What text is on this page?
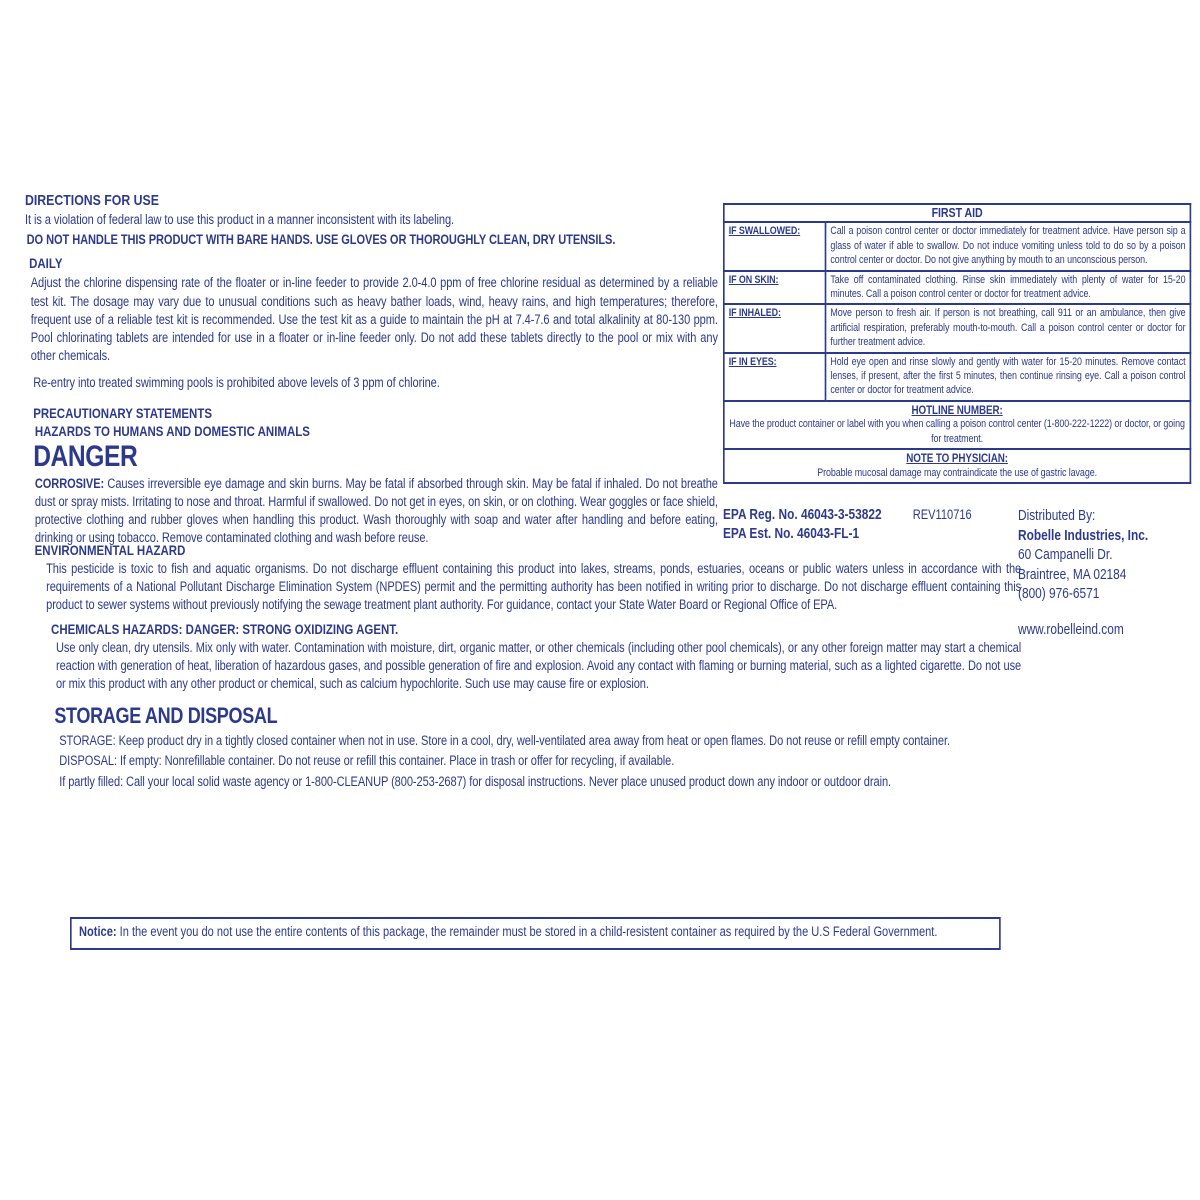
DIRECTIONS FOR USE

It is a violation of federal law to use this product in a manner inconsistent with its labeling.

DO NOT HANDLE THIS PRODUCT WITH BARE HANDS. USE GLOVES OR THOROUGHLY CLEAN, DRY UTENSILS.

DAILY

Adjust the chlorine dispensing rate of the floater or in-line feeder to provide 2.0-4.0 ppm of free chlorine residual as determined by a reliable test kit. The dosage may vary due to unusual conditions such as heavy bather loads, wind, heavy rains, and high temperatures; therefore, frequent use of a reliable test kit is recommended. Use the test kit as a guide to maintain the pH at 7.4-7.6 and total alkalinity at 80-130 ppm. Pool chlorinating tablets are intended for use in a floater or in-line feeder only. Do not add these tablets directly to the pool or mix with any other chemicals.

Re-entry into treated swimming pools is prohibited above levels of 3 ppm of chlorine.

PRECAUTIONARY STATEMENTS
HAZARDS TO HUMANS AND DOMESTIC ANIMALS
DANGER

CORROSIVE: Causes irreversible eye damage and skin burns. May be fatal if absorbed through skin. May be fatal if inhaled. Do not breathe dust or spray mists. Irritating to nose and throat. Harmful if swallowed. Do not get in eyes, on skin, or on clothing. Wear goggles or face shield, protective clothing and rubber gloves when handling this product. Wash thoroughly with soap and water after handling and before eating, drinking or using tobacco. Remove contaminated clothing and wash before reuse.

FIRST AID	
IF SWALLOWED:	Call a poison control center or doctor immediately for treatment advice. Have person sip a glass of water if able to swallow. Do not induce vomiting unless told to do so by a poison control center or doctor. Do not give anything by mouth to an unconscious person.
IF ON SKIN:	Take off contaminated clothing. Rinse skin immediately with plenty of water for 15-20 minutes. Call a poison control center or doctor for treatment advice.
IF INHALED:	Move person to fresh air. If person is not breathing, call 911 or an ambulance, then give artificial respiration, preferably mouth-to-mouth. Call a poison control center or doctor for further treatment advice.
IF IN EYES:	Hold eye open and rinse slowly and gently with water for 15-20 minutes. Remove contact lenses, if present, after the first 5 minutes, then continue rinsing eye. Call a poison control center or doctor for treatment advice.

HOTLINE NUMBER:
Have the product container or label with you when calling a poison control center (1-800-222-1222) or doctor, or going for treatment.	

NOTE TO PHYSICIAN:
Probable mucosal damage may contraindicate the use of gastric lavage.	
EPA Reg. No. 46043-3-53822 REV110716
EPA Est. No. 46043-FL-1
Distributed By:
Robelle Industries, Inc.
60 Campanelli Dr.
Braintree, MA 02184
(800) 976-6571
www.robelleind.com
ENVIRONMENTAL HAZARD

This pesticide is toxic to fish and aquatic organisms. Do not discharge effluent containing this product into lakes, streams, ponds, estuaries, oceans or public waters unless in accordance with the requirements of a National Pollutant Discharge Elimination System (NPDES) permit and the permitting authority has been notified in writing prior to discharge. Do not discharge effluent containing this product to sewer systems without previously notifying the sewage treatment plant authority. For guidance, contact your State Water Board or Regional Office of EPA.

CHEMICALS HAZARDS: DANGER: STRONG OXIDIZING AGENT.

Use only clean, dry utensils. Mix only with water. Contamination with moisture, dirt, organic matter, or other chemicals (including other pool chemicals), or any other foreign matter may start a chemical reaction with generation of heat, liberation of hazardous gases, and possible generation of fire and explosion. Avoid any contact with flaming or burning material, such as a lighted cigarette. Do not use or mix this product with any other product or chemical, such as calcium hypochlorite. Such use may cause fire or explosion.

STORAGE AND DISPOSAL

STORAGE: Keep product dry in a tightly closed container when not in use. Store in a cool, dry, well-ventilated area away from heat or open flames. Do not reuse or refill empty container.

DISPOSAL: If empty: Nonrefillable container. Do not reuse or refill this container. Place in trash or offer for recycling, if available.

If partly filled: Call your local solid waste agency or 1-800-CLEANUP (800-253-2687) for disposal instructions. Never place unused product down any indoor or outdoor drain.

Notice: In the event you do not use the entire contents of this package, the remainder must be stored in a child-resistent container as required by the U.S Federal Government.
